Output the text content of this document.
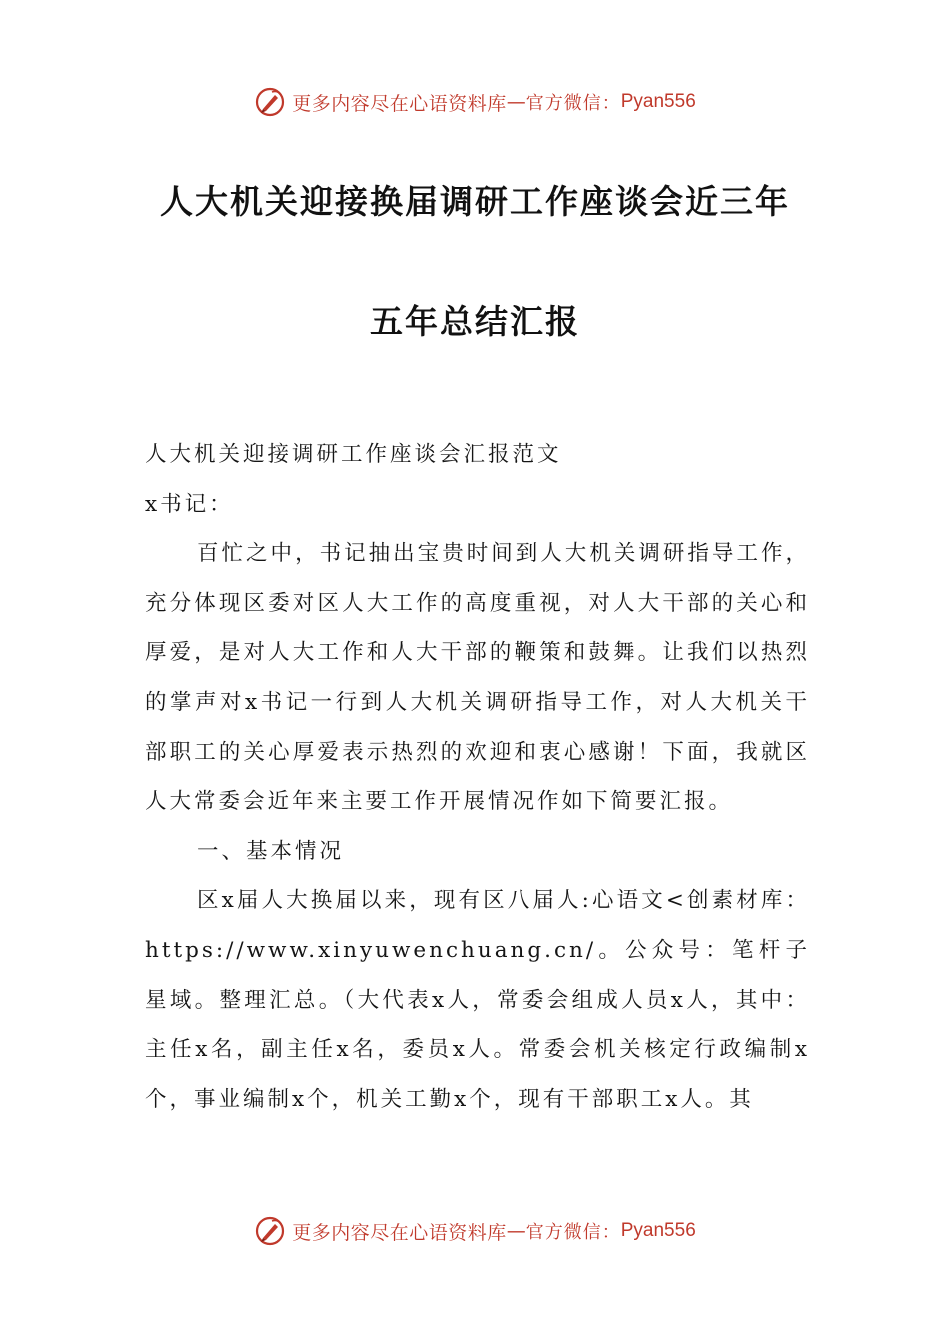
更多内容尽在心语资料库 — 官方微信： Pyan556
人大机关迎接换届调研工作座谈会近三年
五年总结汇报

人大机关迎接调研工作座谈会汇报范文

x书记：

百忙之中，书记抽出宝贵时间到人大机关调研指导工作，充分体现区委对区人大工作的高度重视，对人大干部的关心和厚爱，是对人大工作和人大干部的鞭策和鼓舞。让我们以热烈的掌声对x书记一行到人大机关调研指导工作，对人大机关干部职工的关心厚爱表示热烈的欢迎和衷心感谢！下面，我就区人大常委会近年来主要工作开展情况作如下简要汇报。

一、基本情况

区x届人大换届以来，现有区八届人:心语文<创素材库：https://www.xinyuwenchuang.cn/。公众号：笔杆子星域。整理汇总。（大代表x人，常委会组成人员x人，其中：主任x名，副主任x名，委员x人。常委会机关核定行政编制x个，事业编制x个，机关工勤x个，现有干部职工x人。其

更多内容尽在心语资料库 — 官方微信： Pyan556
